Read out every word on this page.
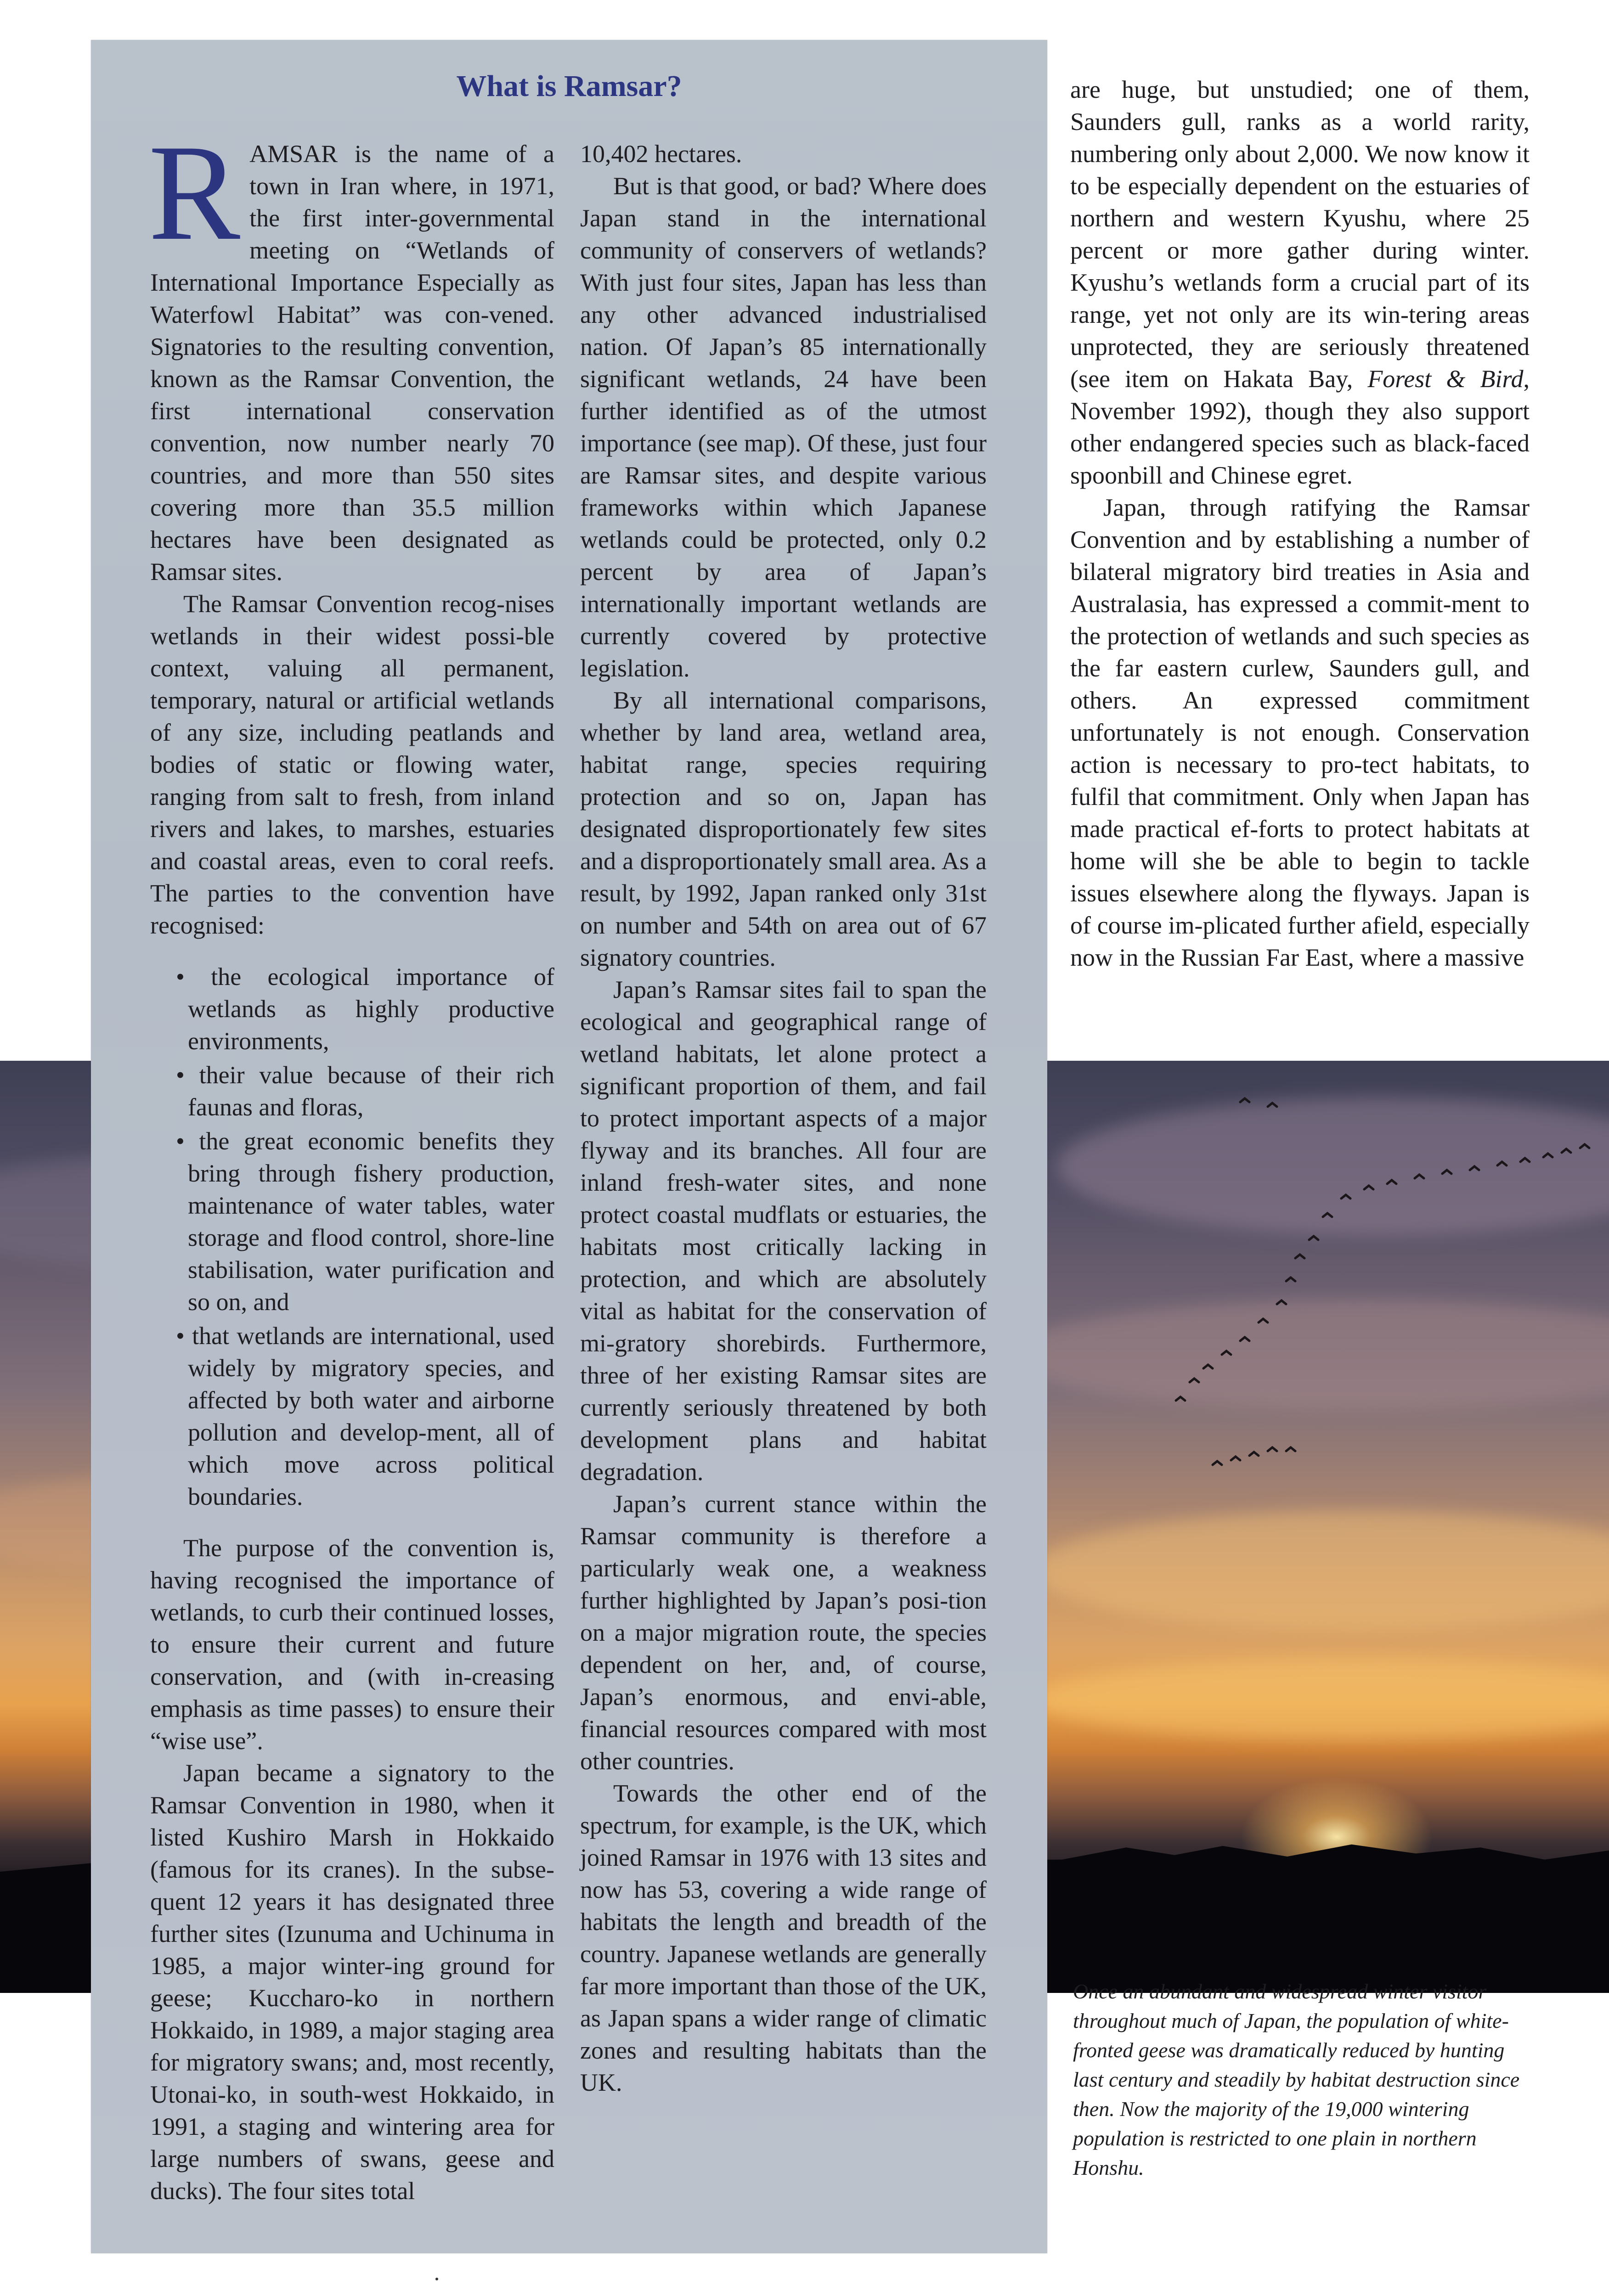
What is Ramsar?

RAMSAR is the name of a town in Iran where, in 1971, the first inter-governmental meeting on “Wetlands of International Importance Especially as Waterfowl Habitat” was con-vened. Signatories to the resulting convention, known as the Ramsar Convention, the first international conservation convention, now number nearly 70 countries, and more than 550 sites covering more than 35.5 million hectares have been designated as Ramsar sites.

The Ramsar Convention recog-nises wetlands in their widest possi-ble context, valuing all permanent, temporary, natural or artificial wetlands of any size, including peatlands and bodies of static or flowing water, ranging from salt to fresh, from inland rivers and lakes, to marshes, estuaries and coastal areas, even to coral reefs. The parties to the convention have recognised:

• the ecological importance of wetlands as highly productive environments,
• their value because of their rich faunas and floras,
• the great economic benefits they bring through fishery production, maintenance of water tables, water storage and flood control, shore-line stabilisation, water purification and so on, and
• that wetlands are international, used widely by migratory species, and affected by both water and airborne pollution and develop-ment, all of which move across political boundaries.

The purpose of the convention is, having recognised the importance of wetlands, to curb their continued losses, to ensure their current and future conservation, and (with in-creasing emphasis as time passes) to ensure their “wise use”.

Japan became a signatory to the Ramsar Convention in 1980, when it listed Kushiro Marsh in Hokkaido (famous for its cranes). In the subse-quent 12 years it has designated three further sites (Izunuma and Uchinuma in 1985, a major winter-ing ground for geese; Kuccharo-ko in northern Hokkaido, in 1989, a major staging area for migratory swans; and, most recently, Utonai-ko, in south-west Hokkaido, in 1991, a staging and wintering area for large numbers of swans, geese and ducks). The four sites total

10,402 hectares.

But is that good, or bad? Where does Japan stand in the international community of conservers of wetlands? With just four sites, Japan has less than any other advanced industrialised nation. Of Japan’s 85 internationally significant wetlands, 24 have been further identified as of the utmost importance (see map). Of these, just four are Ramsar sites, and despite various frameworks within which Japanese wetlands could be protected, only 0.2 percent by area of Japan’s internationally important wetlands are currently covered by protective legislation.

By all international comparisons, whether by land area, wetland area, habitat range, species requiring protection and so on, Japan has designated disproportionately few sites and a disproportionately small area. As a result, by 1992, Japan ranked only 31st on number and 54th on area out of 67 signatory countries.

Japan’s Ramsar sites fail to span the ecological and geographical range of wetland habitats, let alone protect a significant proportion of them, and fail to protect important aspects of a major flyway and its branches. All four are inland fresh-water sites, and none protect coastal mudflats or estuaries, the habitats most critically lacking in protection, and which are absolutely vital as habitat for the conservation of mi-gratory shorebirds. Furthermore, three of her existing Ramsar sites are currently seriously threatened by both development plans and habitat degradation.

Japan’s current stance within the Ramsar community is therefore a particularly weak one, a weakness further highlighted by Japan’s posi-tion on a major migration route, the species dependent on her, and, of course, Japan’s enormous, and envi-able, financial resources compared with most other countries.

Towards the other end of the spectrum, for example, is the UK, which joined Ramsar in 1976 with 13 sites and now has 53, covering a wide range of habitats the length and breadth of the country. Japanese wetlands are generally far more important than those of the UK, as Japan spans a wider range of climatic zones and resulting habitats than the UK.

are huge, but unstudied; one of them, Saunders gull, ranks as a world rarity, numbering only about 2,000. We now know it to be especially dependent on the estuaries of northern and western Kyushu, where 25 percent or more gather during winter. Kyushu’s wetlands form a crucial part of its range, yet not only are its win-tering areas unprotected, they are seriously threatened (see item on Hakata Bay, Forest & Bird, November 1992), though they also support other endangered species such as black-faced spoonbill and Chinese egret.

Japan, through ratifying the Ramsar Convention and by establishing a number of bilateral migratory bird treaties in Asia and Australasia, has expressed a commit-ment to the protection of wetlands and such species as the far eastern curlew, Saunders gull, and others. An expressed commitment unfortunately is not enough. Conservation action is necessary to pro-tect habitats, to fulfil that commitment. Only when Japan has made practical ef-forts to protect habitats at home will she be able to begin to tackle issues elsewhere along the flyways. Japan is of course im-plicated further afield, especially now in the Russian Far East, where a massive

Once an abundant and widespread winter visitor throughout much of Japan, the population of white-fronted geese was dramatically reduced by hunting last century and steadily by habitat destruction since then. Now the majority of the 19,000 wintering population is restricted to one plain in northern Honshu.
